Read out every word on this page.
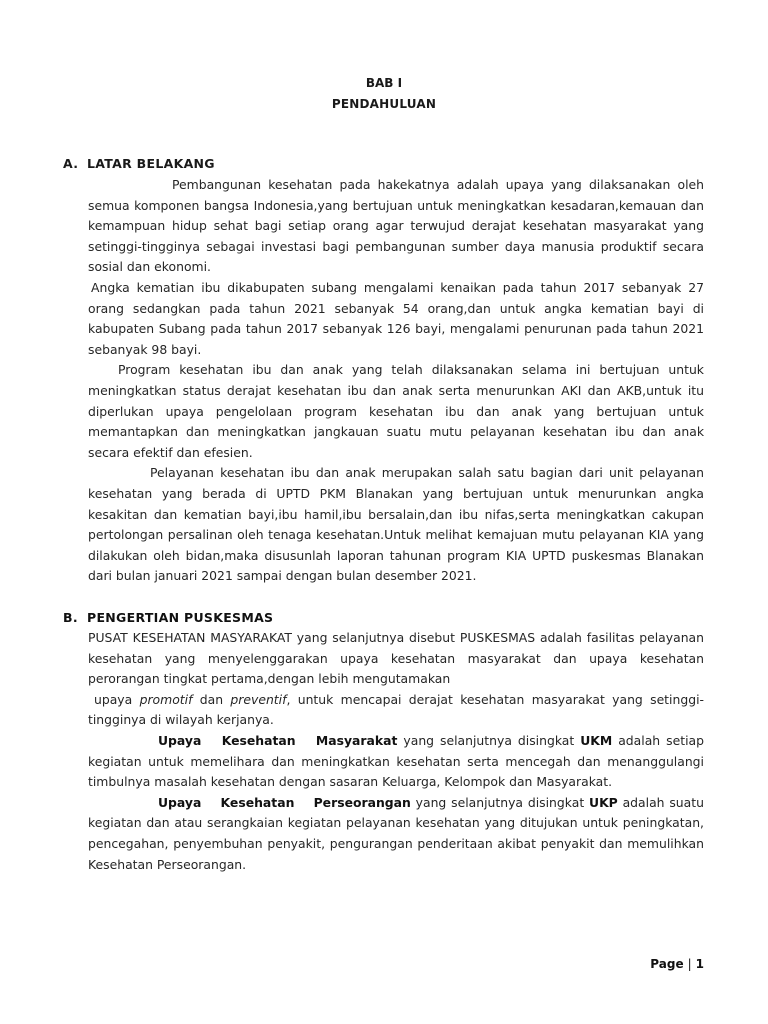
BAB I
PENDAHULUAN
A. LATAR BELAKANG

Pembangunan kesehatan pada hakekatnya adalah upaya yang dilaksanakan oleh semua komponen bangsa Indonesia,yang bertujuan untuk meningkatkan kesadaran,kemauan dan kemampuan hidup sehat bagi setiap orang agar terwujud derajat kesehatan masyarakat yang setinggi-tingginya sebagai investasi bagi pembangunan sumber daya manusia produktif secara sosial dan ekonomi.

Angka kematian ibu dikabupaten subang mengalami kenaikan pada tahun 2017 sebanyak 27 orang sedangkan pada tahun 2021 sebanyak 54 orang,dan untuk angka kematian bayi di kabupaten Subang pada tahun 2017 sebanyak 126 bayi, mengalami penurunan pada tahun 2021 sebanyak 98 bayi.

Program kesehatan ibu dan anak yang telah dilaksanakan selama ini bertujuan untuk meningkatkan status derajat kesehatan ibu dan anak serta menurunkan AKI dan AKB,untuk itu diperlukan upaya pengelolaan program kesehatan ibu dan anak yang bertujuan untuk memantapkan dan meningkatkan jangkauan suatu mutu pelayanan kesehatan ibu dan anak secara efektif dan efesien.

Pelayanan kesehatan ibu dan anak merupakan salah satu bagian dari unit pelayanan kesehatan yang berada di UPTD PKM Blanakan yang bertujuan untuk menurunkan angka kesakitan dan kematian bayi,ibu hamil,ibu bersalain,dan ibu nifas,serta meningkatkan cakupan pertolongan persalinan oleh tenaga kesehatan.Untuk melihat kemajuan mutu pelayanan KIA yang dilakukan oleh bidan,maka disusunlah laporan tahunan program KIA UPTD puskesmas Blanakan dari bulan januari 2021 sampai dengan bulan desember 2021.

B. PENGERTIAN PUSKESMAS

PUSAT KESEHATAN MASYARAKAT yang selanjutnya disebut PUSKESMAS adalah fasilitas pelayanan kesehatan yang menyelenggarakan upaya kesehatan masyarakat dan upaya kesehatan perorangan tingkat pertama,dengan lebih mengutamakan

upaya promotif dan preventif, untuk mencapai derajat kesehatan masyarakat yang setinggi-tingginya di wilayah kerjanya.

Upaya Kesehatan Masyarakat yang selanjutnya disingkat UKM adalah setiap kegiatan untuk memelihara dan meningkatkan kesehatan serta mencegah dan menanggulangi timbulnya masalah kesehatan dengan sasaran Keluarga, Kelompok dan Masyarakat.

Upaya Kesehatan Perseorangan yang selanjutnya disingkat UKP adalah suatu kegiatan dan atau serangkaian kegiatan pelayanan kesehatan yang ditujukan untuk peningkatan, pencegahan, penyembuhan penyakit, pengurangan penderitaan akibat penyakit dan memulihkan Kesehatan Perseorangan.

Page | 1
